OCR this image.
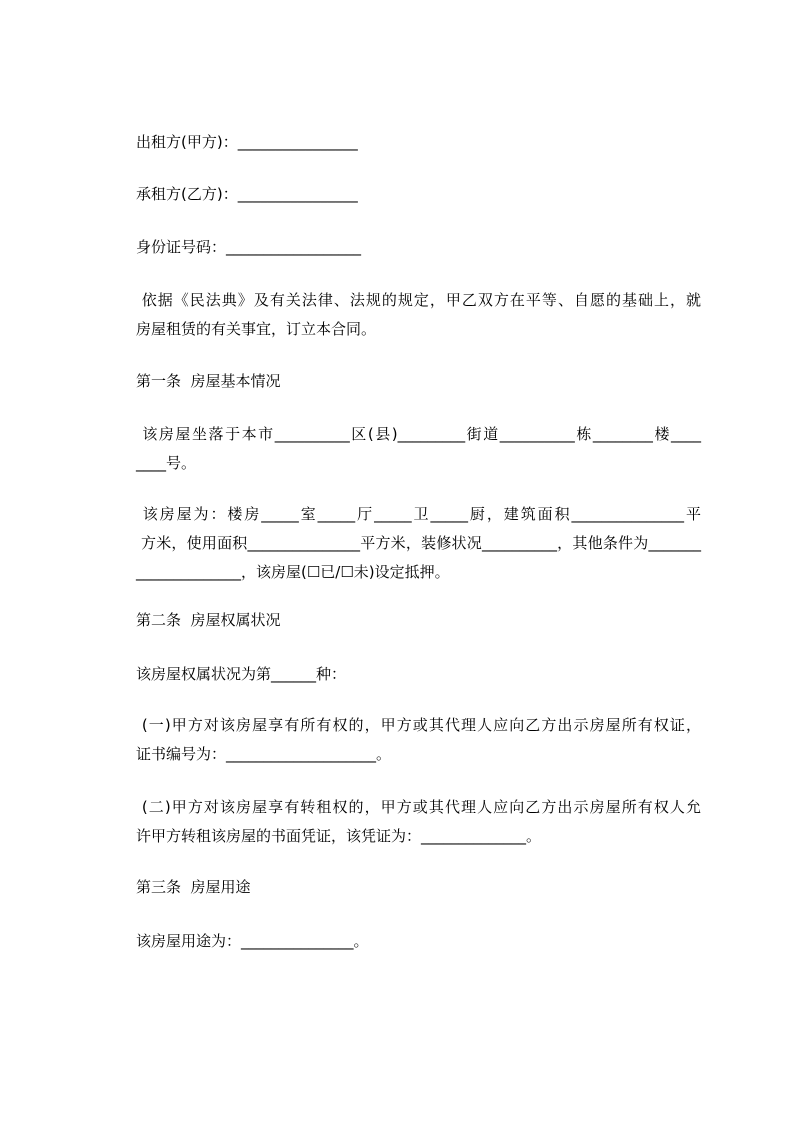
出租方(甲方)：________________
承租方(乙方)：________________
身份证号码：__________________
依据《民法典》及有关法律、法规的规定，甲乙双方在平等、自愿的基础上，就
房屋租赁的有关事宜，订立本合同。
第一条  房屋基本情况
该房屋坐落于本市__________区(县)_________街道__________栋________楼____
____号。
该房屋为：楼房_____室_____厅_____卫_____厨，建筑面积_______________平
方米，使用面积_______________平方米，装修状况__________，其他条件为_______
______________，该房屋(☐已/☐未)设定抵押。
第二条  房屋权属状况
该房屋权属状况为第______种：
(一)甲方对该房屋享有所有权的，甲方或其代理人应向乙方出示房屋所有权证，
证书编号为：____________________。
(二)甲方对该房屋享有转租权的，甲方或其代理人应向乙方出示房屋所有权人允
许甲方转租该房屋的书面凭证，该凭证为：______________。
第三条  房屋用途
该房屋用途为：_______________。
